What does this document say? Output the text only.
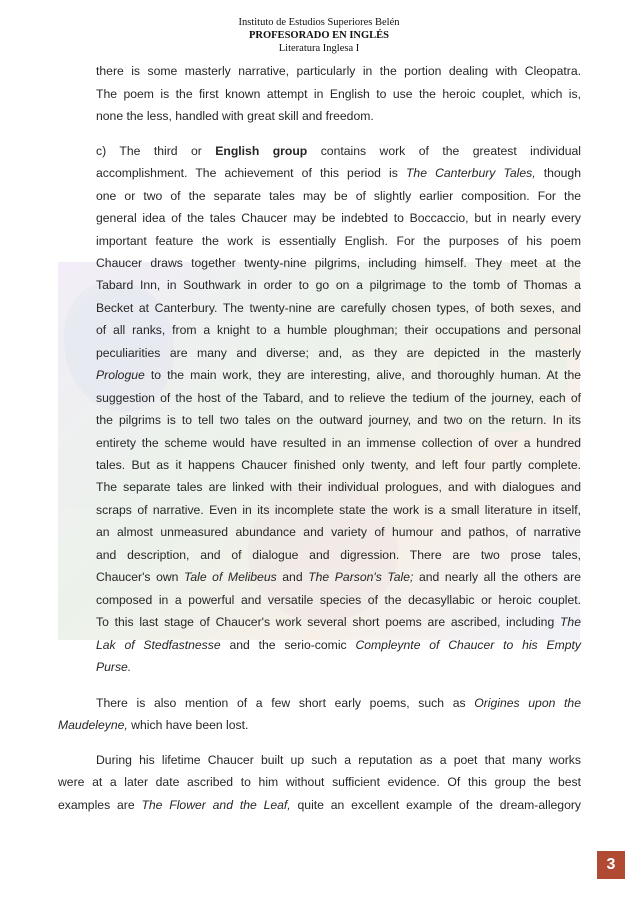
Instituto de Estudios Superiores Belén
PROFESORADO EN INGLÉS
Literatura Inglesa I
there is some masterly narrative, particularly in the portion dealing with Cleopatra.
The poem is the first known attempt in English to use the heroic couplet, which is,
none the less, handled with great skill and freedom.
c) The third or English group contains work of the greatest individual
accomplishment. The achievement of this period is The Canterbury Tales, though
one or two of the separate tales may be of slightly earlier composition. For the
general idea of the tales Chaucer may be indebted to Boccaccio, but in nearly every
important feature the work is essentially English. For the purposes of his poem
Chaucer draws together twenty-nine pilgrims, including himself. They meet at the
Tabard Inn, in Southwark in order to go on a pilgrimage to the tomb of Thomas a
Becket at Canterbury. The twenty-nine are carefully chosen types, of both sexes, and
of all ranks, from a knight to a humble ploughman; their occupations and personal
peculiarities are many and diverse; and, as they are depicted in the masterly
Prologue to the main work, they are interesting, alive, and thoroughly human. At the
suggestion of the host of the Tabard, and to relieve the tedium of the journey, each of
the pilgrims is to tell two tales on the outward journey, and two on the return. In its
entirety the scheme would have resulted in an immense collection of over a hundred
tales. But as it happens Chaucer finished only twenty, and left four partly complete.
The separate tales are linked with their individual prologues, and with dialogues and
scraps of narrative. Even in its incomplete state the work is a small literature in itself,
an almost unmeasured abundance and variety of humour and pathos, of narrative
and description, and of dialogue and digression. There are two prose tales,
Chaucer's own Tale of Melibeus and The Parson's Tale; and nearly all the others are
composed in a powerful and versatile species of the decasyllabic or heroic couplet.
To this last stage of Chaucer's work several short poems are ascribed, including The
Lak of Stedfastnesse and the serio-comic Compleynte of Chaucer to his Empty
Purse.
There is also mention of a few short early poems, such as Origines upon the
Maudeleyne, which have been lost.
During his lifetime Chaucer built up such a reputation as a poet that many works
were at a later date ascribed to him without sufficient evidence. Of this group the best
examples are The Flower and the Leaf, quite an excellent example of the dream-allegory
3
